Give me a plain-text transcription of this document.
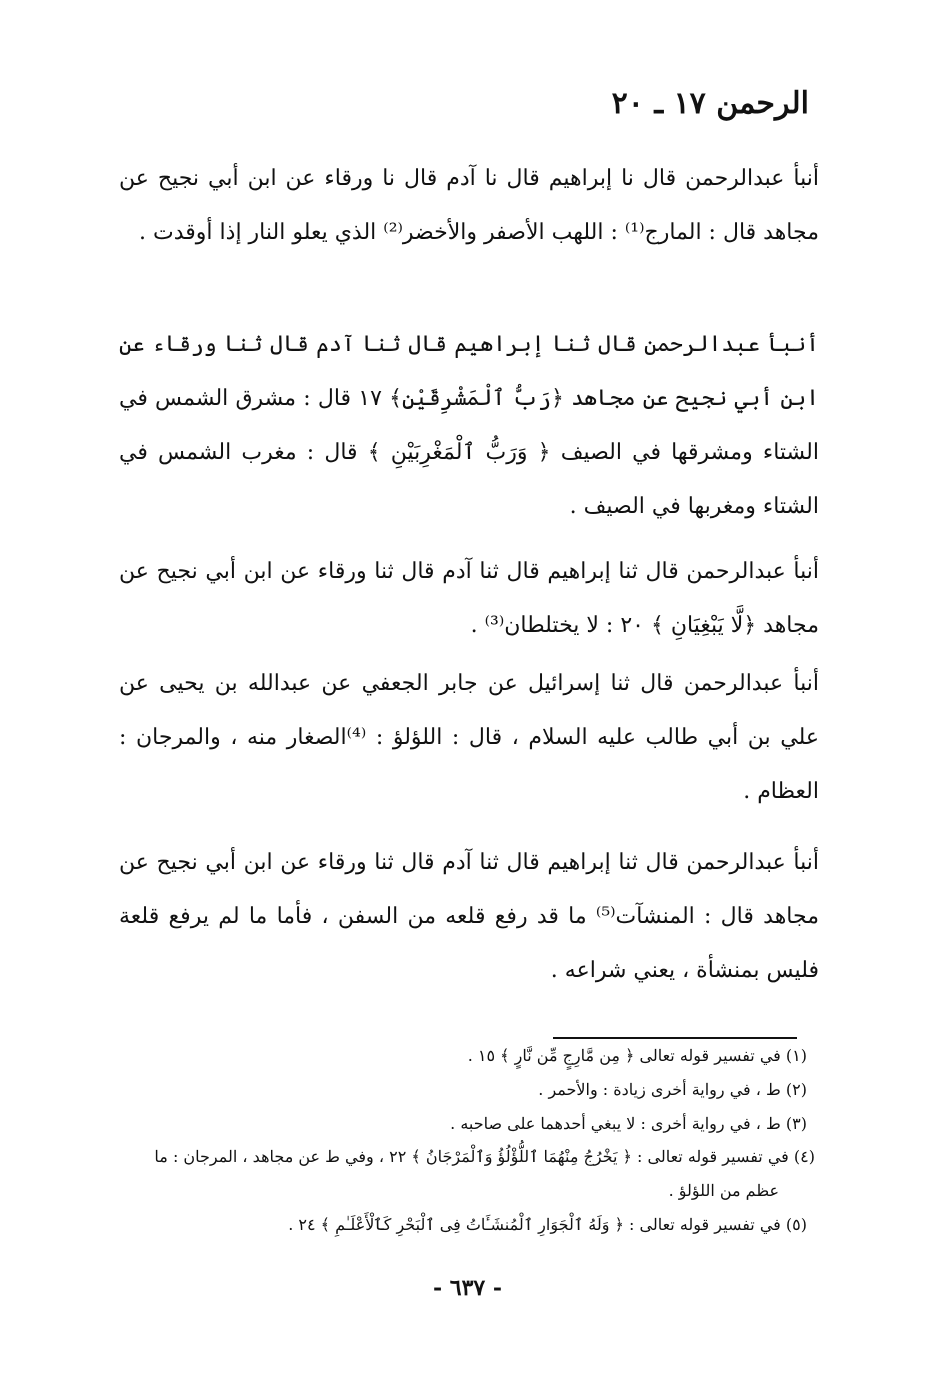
الرحمن ١٧ ـ ٢٠

أنبأ عبدالرحمن قال نا إبراهيم قال نا آدم قال نا ورقاء عن ابن أبي نجيح عن مجاهد قال : المارج⁽¹⁾ : اللهب الأصفر والأخضر⁽²⁾ الذي يعلو النار إذا أوقدت .

أنبأ عبدالرحمن قال ثنا إبراهيم قال ثنا آدم قال ثنا ورقاء عن ابن أبي نجيح عن مجاهد ﴿رَبُّ ٱلْمَشْرِقَيْنِ﴾ ١٧ قال : مشرق الشمس في الشتاء ومشرقها في الصيف ﴿ وَرَبُّ ٱلْمَغْرِبَيْنِ ﴾ قال : مغرب الشمس في الشتاء ومغربها في الصيف .

أنبأ عبدالرحمن قال ثنا إبراهيم قال ثنا آدم قال ثنا ورقاء عن ابن أبي نجيح عن مجاهد ﴿لَّا يَبْغِيَانِ ﴾ ٢٠ : لا يختلطان⁽³⁾ .

أنبأ عبدالرحمن قال ثنا إسرائيل عن جابر الجعفي عن عبدالله بن يحيى عن علي بن أبي طالب عليه السلام ، قال : اللؤلؤ : ⁽⁴⁾الصغار منه ، والمرجان : العظام .

أنبأ عبدالرحمن قال ثنا إبراهيم قال ثنا آدم قال ثنا ورقاء عن ابن أبي نجيح عن مجاهد قال : المنشآت⁽⁵⁾ ما قد رفع قلعه من السفن ، فأما ما لم يرفع قلعة فليس بمنشأة ، يعني شراعه .

(١) في تفسير قوله تعالى ﴿ مِن مَّارِجٍ مِّن نَّارٍ ﴾ ١٥ .
(٢) ط ، في رواية أخرى زيادة : والأحمر .
(٣) ط ، في رواية أخرى : لا يبغي أحدهما على صاحبه .
(٤) في تفسير قوله تعالى : ﴿ يَخْرُجُ مِنْهُمَا ٱللُّؤْلُؤُ وَٱلْمَرْجَانُ ﴾ ٢٢ ، وفي ط عن مجاهد ، المرجان : ما
عظم من اللؤلؤ .
(٥) في تفسير قوله تعالى : ﴿ وَلَهُ ٱلْجَوَارِ ٱلْمُنشَـَٔاتُ فِى ٱلْبَحْرِ كَٱلْأَعْلَـٰمِ ﴾ ٢٤ .
- ٦٣٧ -
